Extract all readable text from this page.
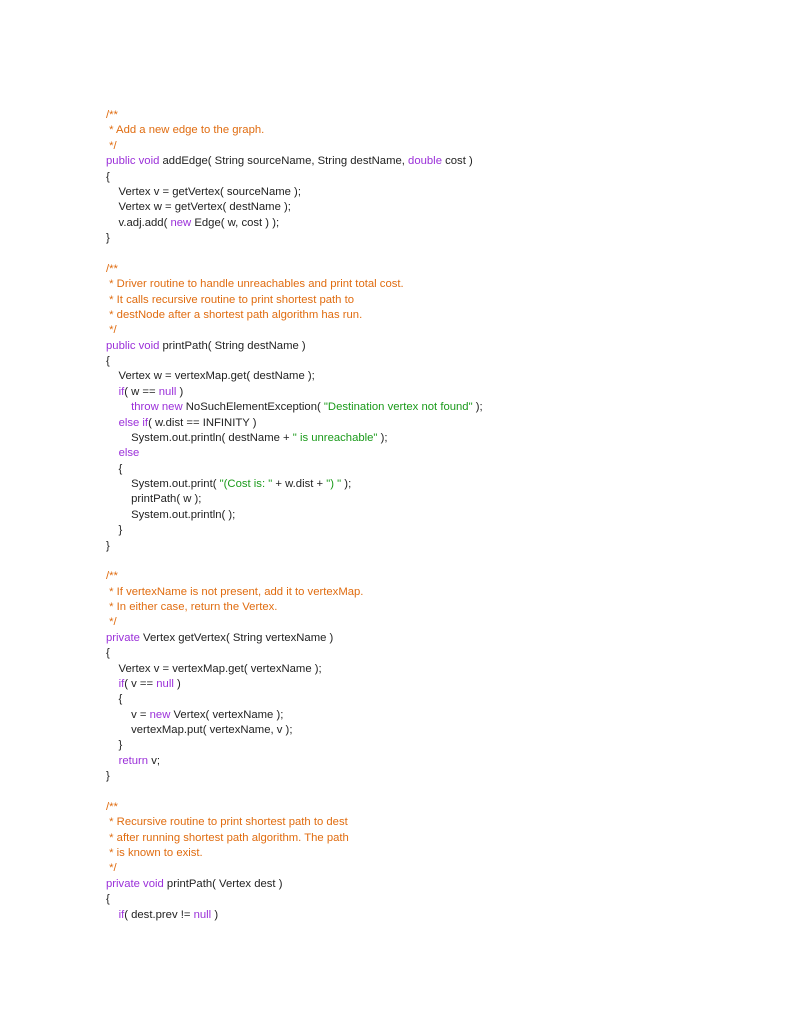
/**
* Add a new edge to the graph.
*/
public void addEdge( String sourceName, String destName, double cost )
{
Vertex v = getVertex( sourceName );
Vertex w = getVertex( destName );
v.adj.add( new Edge( w, cost ) );
}

/**
* Driver routine to handle unreachables and print total cost.
* It calls recursive routine to print shortest path to
* destNode after a shortest path algorithm has run.
*/
public void printPath( String destName )
{
Vertex w = vertexMap.get( destName );
if( w == null )
throw new NoSuchElementException( "Destination vertex not found" );
else if( w.dist == INFINITY )
System.out.println( destName + " is unreachable" );
else
{
System.out.print( "(Cost is: " + w.dist + ") " );
printPath( w );
System.out.println( );
}
}

/**
* If vertexName is not present, add it to vertexMap.
* In either case, return the Vertex.
*/
private Vertex getVertex( String vertexName )
{
Vertex v = vertexMap.get( vertexName );
if( v == null )
{
v = new Vertex( vertexName );
vertexMap.put( vertexName, v );
}
return v;
}

/**
* Recursive routine to print shortest path to dest
* after running shortest path algorithm. The path
* is known to exist.
*/
private void printPath( Vertex dest )
{
if( dest.prev != null )
